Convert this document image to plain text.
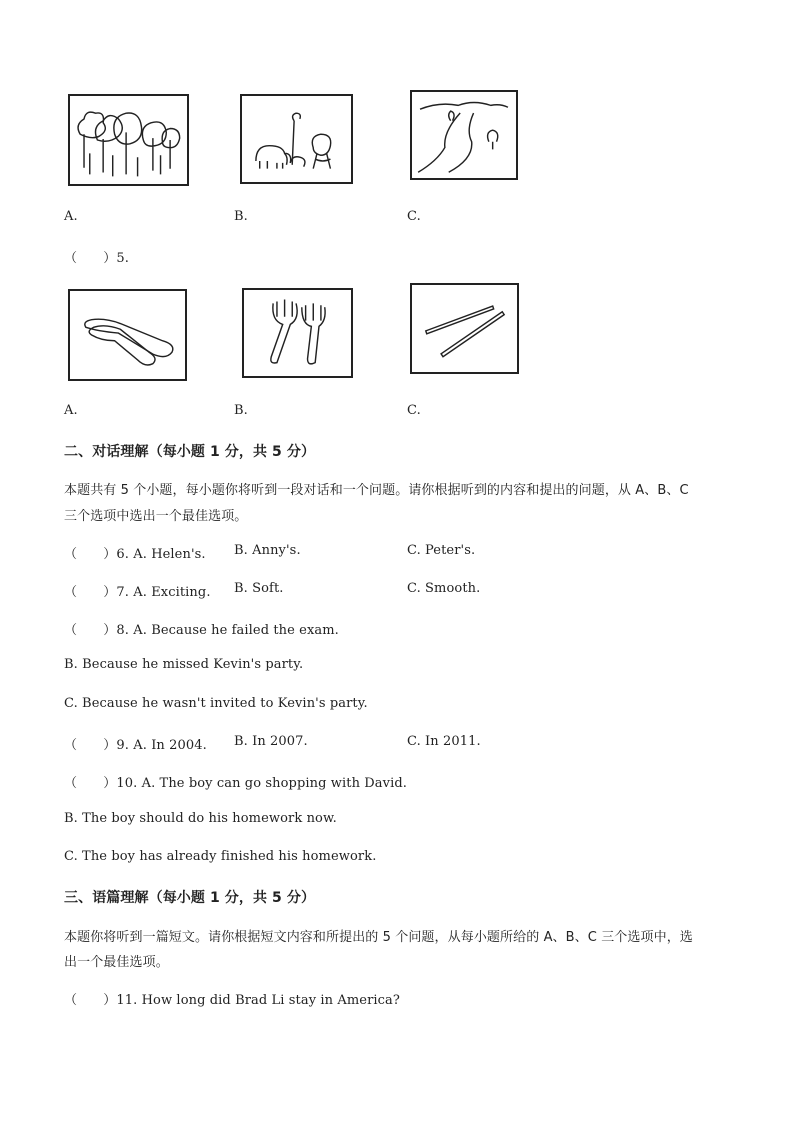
A.	B.	C.
（　　）5.
A.	B.	C.
二、对话理解（每小题 1 分，共 5 分）
本题共有 5 个小题，每小题你将听到一段对话和一个问题。请你根据听到的内容和提出的问题，从 A、B、C
三个选项中选出一个最佳选项。
（　　）6. A. Helen's. B. Anny's.	C. Peter's.
（　　）7. A. Exciting. B. Soft.	C. Smooth.
（　　）8. A. Because he failed the exam.
B. Because he missed Kevin's party.
C. Because he wasn't invited to Kevin's party.
（　　）9. A. In 2004. B. In 2007.	C. In 2011.
（　　）10. A. The boy can go shopping with David.
B. The boy should do his homework now.
C. The boy has already finished his homework.
三、语篇理解（每小题 1 分，共 5 分）
本题你将听到一篇短文。请你根据短文内容和所提出的 5 个问题，从每小题所给的 A、B、C 三个选项中，选
出一个最佳选项。
（　　）11. How long did Brad Li stay in America?
